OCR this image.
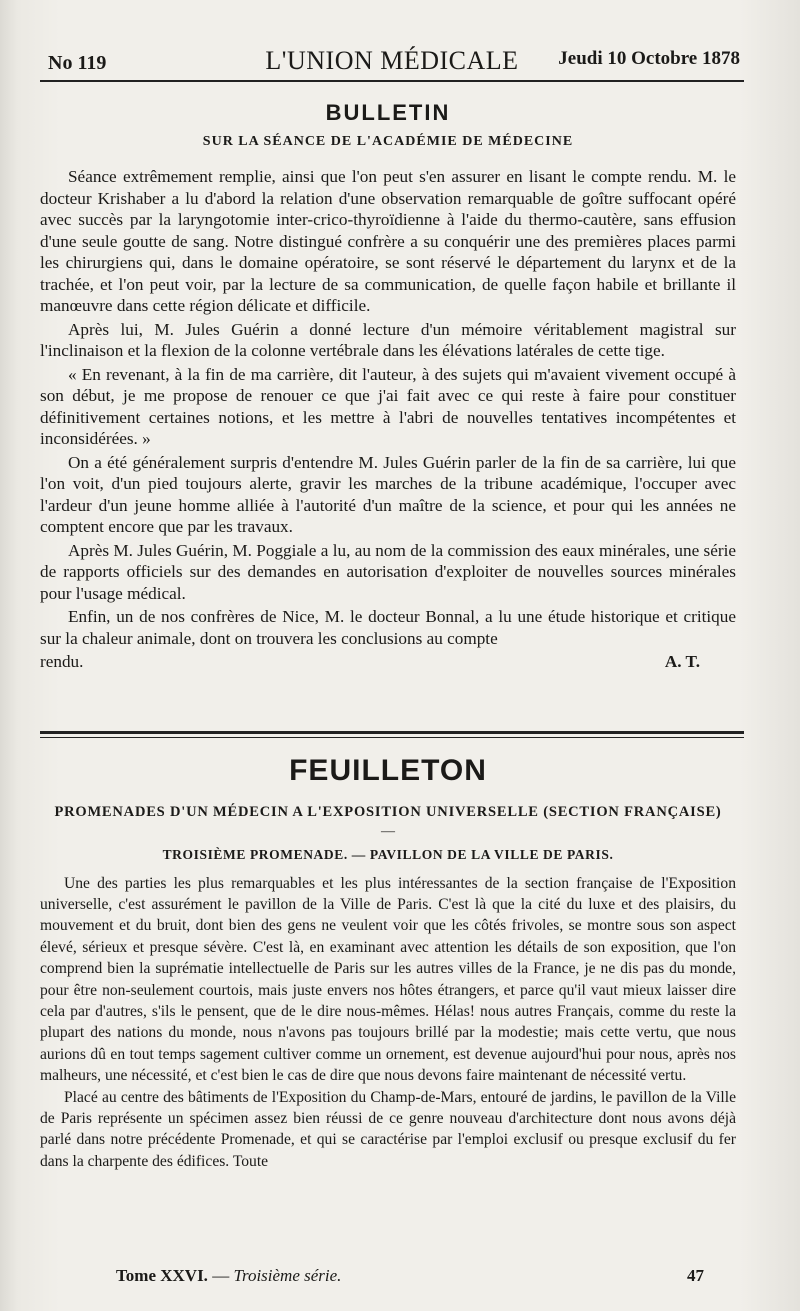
No 119	L'UNION MÉDICALE	Jeudi 10 Octobre 1878
BULLETIN
SUR LA SÉANCE DE L'ACADÉMIE DE MÉDECINE

Séance extrêmement remplie, ainsi que l'on peut s'en assurer en lisant le compte rendu. M. le docteur Krishaber a lu d'abord la relation d'une observation remarquable de goître suffocant opéré avec succès par la laryngotomie inter-crico-thyroïdienne à l'aide du thermo-cautère, sans effusion d'une seule goutte de sang. Notre distingué confrère a su conquérir une des premières places parmi les chirurgiens qui, dans le domaine opératoire, se sont réservé le département du larynx et de la trachée, et l'on peut voir, par la lecture de sa communication, de quelle façon habile et brillante il manœuvre dans cette région délicate et difficile.

Après lui, M. Jules Guérin a donné lecture d'un mémoire véritablement magistral sur l'inclinaison et la flexion de la colonne vertébrale dans les élévations latérales de cette tige.

« En revenant, à la fin de ma carrière, dit l'auteur, à des sujets qui m'avaient vivement occupé à son début, je me propose de renouer ce que j'ai fait avec ce qui reste à faire pour constituer définitivement certaines notions, et les mettre à l'abri de nouvelles tentatives incompétentes et inconsidérées. »

On a été généralement surpris d'entendre M. Jules Guérin parler de la fin de sa carrière, lui que l'on voit, d'un pied toujours alerte, gravir les marches de la tribune académique, l'occuper avec l'ardeur d'un jeune homme alliée à l'autorité d'un maître de la science, et pour qui les années ne comptent encore que par les travaux.

Après M. Jules Guérin, M. Poggiale a lu, au nom de la commission des eaux minérales, une série de rapports officiels sur des demandes en autorisation d'exploiter de nouvelles sources minérales pour l'usage médical.

Enfin, un de nos confrères de Nice, M. le docteur Bonnal, a lu une étude historique et critique sur la chaleur animale, dont on trouvera les conclusions au compte

rendu.	A. T.

FEUILLETON
PROMENADES D'UN MÉDECIN A L'EXPOSITION UNIVERSELLE (SECTION FRANÇAISE)
—
TROISIÈME PROMENADE. — PAVILLON DE LA VILLE DE PARIS.

Une des parties les plus remarquables et les plus intéressantes de la section française de l'Exposition universelle, c'est assurément le pavillon de la Ville de Paris. C'est là que la cité du luxe et des plaisirs, du mouvement et du bruit, dont bien des gens ne veulent voir que les côtés frivoles, se montre sous son aspect élevé, sérieux et presque sévère. C'est là, en examinant avec attention les détails de son exposition, que l'on comprend bien la suprématie intellectuelle de Paris sur les autres villes de la France, je ne dis pas du monde, pour être non-seulement courtois, mais juste envers nos hôtes étrangers, et parce qu'il vaut mieux laisser dire cela par d'autres, s'ils le pensent, que de le dire nous-mêmes. Hélas! nous autres Français, comme du reste la plupart des nations du monde, nous n'avons pas toujours brillé par la modestie; mais cette vertu, que nous aurions dû en tout temps sagement cultiver comme un ornement, est devenue aujourd'hui pour nous, après nos malheurs, une nécessité, et c'est bien le cas de dire que nous devons faire maintenant de nécessité vertu.

Placé au centre des bâtiments de l'Exposition du Champ-de-Mars, entouré de jardins, le pavillon de la Ville de Paris représente un spécimen assez bien réussi de ce genre nouveau d'architecture dont nous avons déjà parlé dans notre précédente Promenade, et qui se caractérise par l'emploi exclusif ou presque exclusif du fer dans la charpente des édifices. Toute

Tome XXVI. — Troisième série.	47
